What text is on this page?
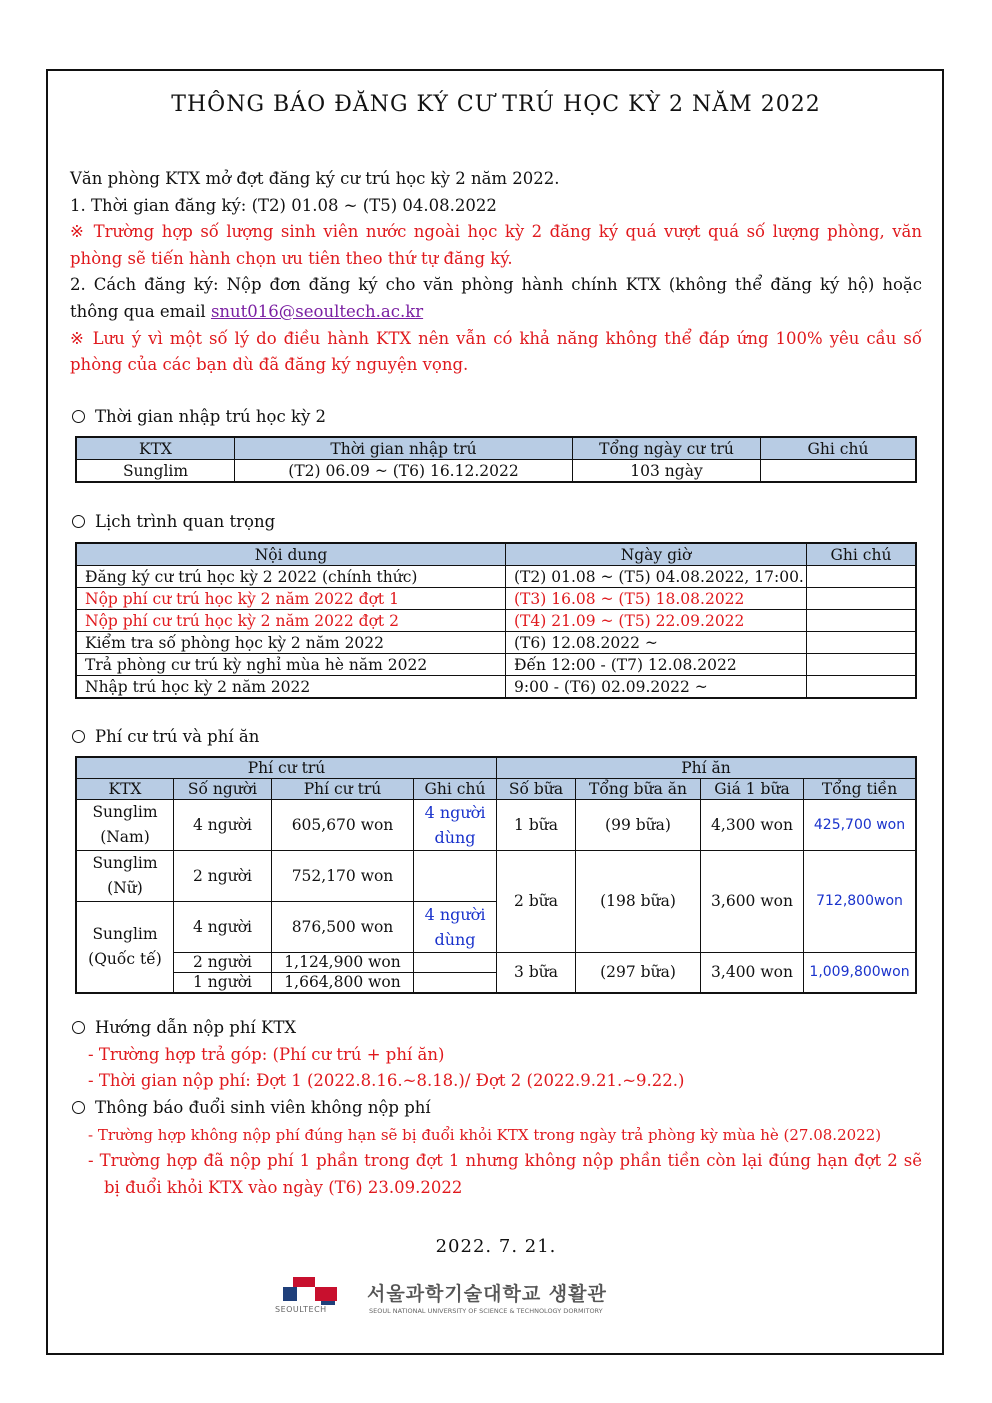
THÔNG BÁO ĐĂNG KÝ CƯ TRÚ HỌC KỲ 2 NĂM 2022
Văn phòng KTX mở đợt đăng ký cư trú học kỳ 2 năm 2022.
1. Thời gian đăng ký: (T2) 01.08 ~ (T5) 04.08.2022
※ Trường hợp số lượng sinh viên nước ngoài học kỳ 2 đăng ký quá vượt quá số lượng phòng, văn phòng sẽ tiến hành chọn ưu tiên theo thứ tự đăng ký.
2. Cách đăng ký: Nộp đơn đăng ký cho văn phòng hành chính KTX (không thể đăng ký hộ) hoặc thông qua email snut016@seoultech.ac.kr
※ Lưu ý vì một số lý do điều hành KTX nên vẫn có khả năng không thể đáp ứng 100% yêu cầu số phòng của các bạn dù đã đăng ký nguyện vọng.
Thời gian nhập trú học kỳ 2
KTX	Thời gian nhập trú	Tổng ngày cư trú	Ghi chú
Sunglim	(T2) 06.09 ~ (T6) 16.12.2022	103 ngày	
Lịch trình quan trọng
Nội dung	Ngày giờ	Ghi chú
Đăng ký cư trú học kỳ 2 2022 (chính thức)	(T2) 01.08 ~ (T5) 04.08.2022, 17:00.	
Nộp phí cư trú học kỳ 2 năm 2022 đợt 1	(T3) 16.08 ~ (T5) 18.08.2022	
Nộp phí cư trú học kỳ 2 năm 2022 đợt 2	(T4) 21.09 ~ (T5) 22.09.2022	
Kiểm tra số phòng học kỳ 2 năm 2022	(T6) 12.08.2022 ~	
Trả phòng cư trú kỳ nghỉ mùa hè năm 2022	Đến 12:00 - (T7) 12.08.2022	
Nhập trú học kỳ 2 năm 2022	9:00 - (T6) 02.09.2022 ~	
Phí cư trú và phí ăn
Phí cư trú				Phí ăn			
KTX	Số người	Phí cư trú	Ghi chú	Số bữa	Tổng bữa ăn	Giá 1 bữa	Tổng tiền
Sunglim (Nam)	4 người	605,670 won	4 người dùng	1 bữa	(99 bữa)	4,300 won	425,700 won
Sunglim (Nữ)	2 người	752,170 won		2 bữa	(198 bữa)	3,600 won	712,800won
Sunglim (Quốc tế)	4 người	876,500 won	4 người dùng				
	2 người	1,124,900 won		3 bữa	(297 bữa)	3,400 won	1,009,800won
	1 người	1,664,800 won					
Hướng dẫn nộp phí KTX
- Trường hợp trả góp: (Phí cư trú + phí ăn)
- Thời gian nộp phí: Đợt 1 (2022.8.16.~8.18.)/ Đợt 2 (2022.9.21.~9.22.)
Thông báo đuổi sinh viên không nộp phí
- Trường hợp không nộp phí đúng hạn sẽ bị đuổi khỏi KTX trong ngày trả phòng kỳ mùa hè (27.08.2022)
- Trường hợp đã nộp phí 1 phần trong đợt 1 nhưng không nộp phần tiền còn lại đúng hạn đợt 2 sẽ bị đuổi khỏi KTX vào ngày (T6) 23.09.2022
2022. 7. 21.
SEOULTECH
서울과학기술대학교 생활관
SEOUL NATIONAL UNIVERSITY OF SCIENCE & TECHNOLOGY DORMITORY
